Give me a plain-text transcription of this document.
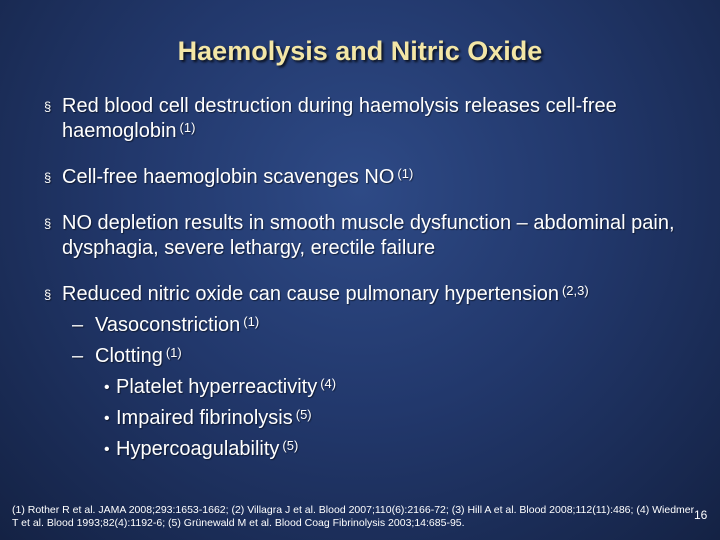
Haemolysis and Nitric Oxide
§ Red blood cell destruction during haemolysis releases cell-free haemoglobin $^{(1)}$
§ Cell-free haemoglobin scavenges NO $^{(1)}$
§ NO depletion results in smooth muscle dysfunction – abdominal pain, dysphagia, severe lethargy, erectile failure
§ Reduced nitric oxide can cause pulmonary hypertension $^{(2,3)}$
– Vasoconstriction $^{(1)}$
– Clotting $^{(1)}$
• Platelet hyperreactivity $^{(4)}$
• Impaired fibrinolysis $^{(5)}$
• Hypercoagulability $^{(5)}$
(1) Rother R et al. JAMA 2008;293:1653-1662; (2) Villagra J et al. Blood 2007;110(6):2166-72; (3) Hill A et al. Blood 2008;112(11):486; (4) Wiedmer T et al. Blood 1993;82(4):1192-6; (5) Grünewald M et al. Blood Coag Fibrinolysis 2003;14:685-95.
16
